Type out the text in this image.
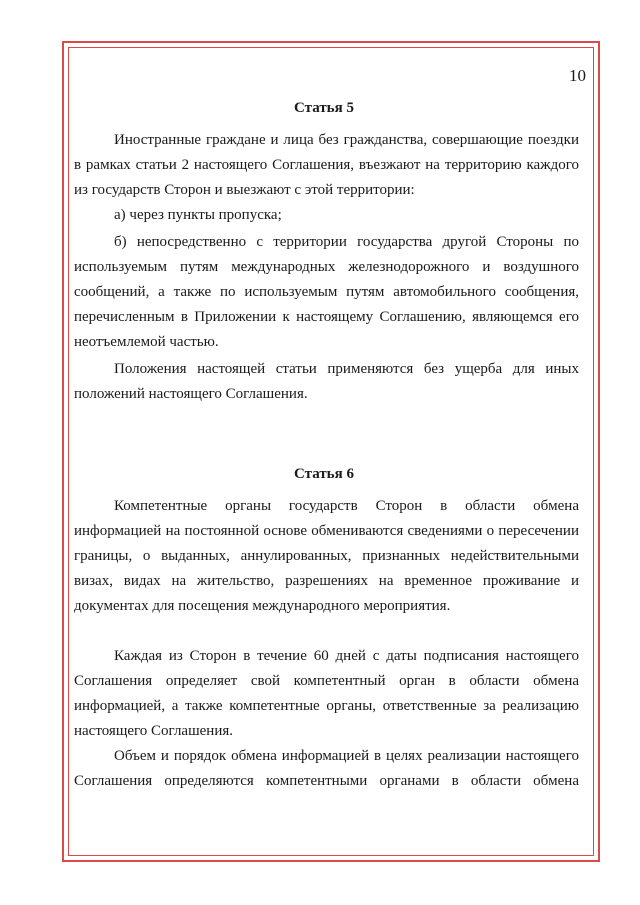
10
Статья 5

Иностранные граждане и лица без гражданства, совершающие поездки в рамках статьи 2 настоящего Соглашения, въезжают на территорию каждого из государств Сторон и выезжают с этой территории:

а) через пункты пропуска;

б) непосредственно с территории государства другой Стороны по используемым путям международных железнодорожного и воздушного сообщений, а также по используемым путям автомобильного сообщения, перечисленным в Приложении к настоящему Соглашению, являющемся его неотъемлемой частью.

Положения настоящей статьи применяются без ущерба для иных положений настоящего Соглашения.

Статья 6

Компетентные органы государств Сторон в области обмена информацией на постоянной основе обмениваются сведениями о пересечении границы, о выданных, аннулированных, признанных недействительными визах, видах на жительство, разрешениях на временное проживание и документах для посещения международного мероприятия.

Каждая из Сторон в течение 60 дней с даты подписания настоящего Соглашения определяет свой компетентный орган в области обмена информацией, а также компетентные органы, ответственные за реализацию настоящего Соглашения.

Объем и порядок обмена информацией в целях реализации настоящего Соглашения определяются компетентными органами в области обмена
